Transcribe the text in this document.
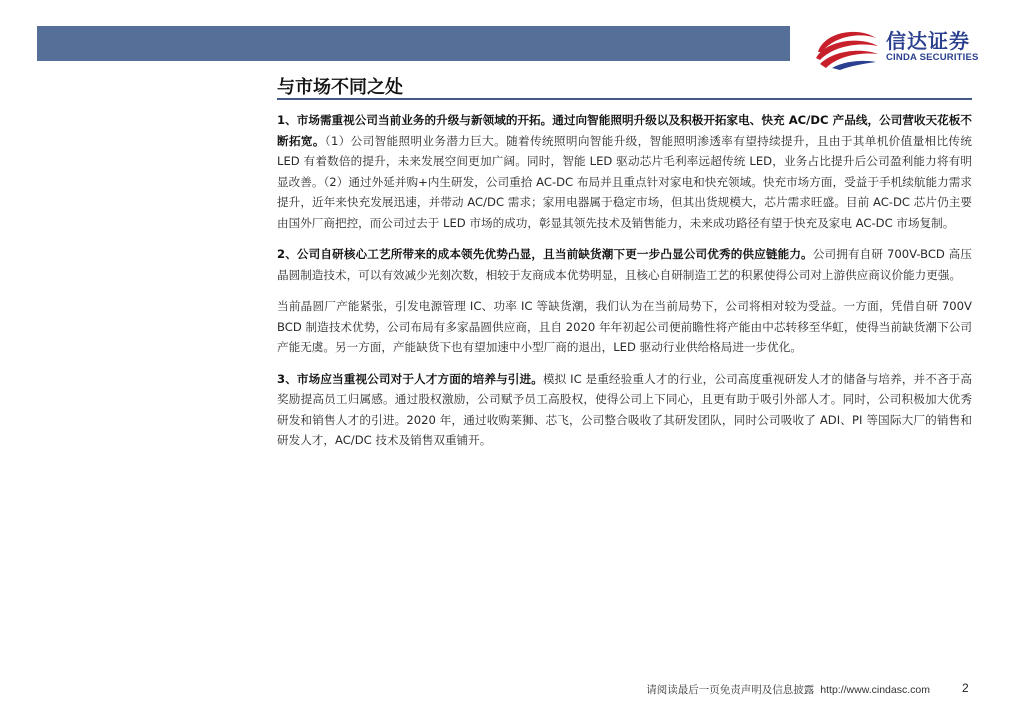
信达证券
CINDA SECURITIES
与市场不同之处

1、市场需重视公司当前业务的升级与新领域的开拓。通过向智能照明升级以及积极开拓家电、快充 AC/DC 产品线，公司营收天花板不断拓宽。（1）公司智能照明业务潜力巨大。随着传统照明向智能升级，智能照明渗透率有望持续提升，且由于其单机价值量相比传统 LED 有着数倍的提升，未来发展空间更加广阔。同时，智能 LED 驱动芯片毛利率远超传统 LED，业务占比提升后公司盈利能力将有明显改善。（2）通过外延并购+内生研发，公司重拾 AC-DC 布局并且重点针对家电和快充领域。快充市场方面，受益于手机续航能力需求提升，近年来快充发展迅速，并带动 AC/DC 需求；家用电器属于稳定市场，但其出货规模大，芯片需求旺盛。目前 AC-DC 芯片仍主要由国外厂商把控，而公司过去于 LED 市场的成功，彰显其领先技术及销售能力，未来成功路径有望于快充及家电 AC-DC 市场复制。

2、公司自研核心工艺所带来的成本领先优势凸显，且当前缺货潮下更一步凸显公司优秀的供应链能力。公司拥有自研 700V-BCD 高压晶圆制造技术，可以有效减少光刻次数，相较于友商成本优势明显，且核心自研制造工艺的积累使得公司对上游供应商议价能力更强。

当前晶圆厂产能紧张，引发电源管理 IC、功率 IC 等缺货潮，我们认为在当前局势下，公司将相对较为受益。一方面，凭借自研 700V BCD 制造技术优势，公司布局有多家晶圆供应商，且自 2020 年年初起公司便前瞻性将产能由中芯转移至华虹，使得当前缺货潮下公司产能无虞。另一方面，产能缺货下也有望加速中小型厂商的退出，LED 驱动行业供给格局进一步优化。

3、市场应当重视公司对于人才方面的培养与引进。模拟 IC 是重经验重人才的行业，公司高度重视研发人才的储备与培养，并不吝于高奖励提高员工归属感。通过股权激励，公司赋予员工高股权，使得公司上下同心，且更有助于吸引外部人才。同时，公司积极加大优秀研发和销售人才的引进。2020 年，通过收购莱狮、芯飞，公司整合吸收了其研发团队，同时公司吸收了 ADI、PI 等国际大厂的销售和研发人才，AC/DC 技术及销售双重铺开。

请阅读最后一页免责声明及信息披露 http://www.cindasc.com	2
